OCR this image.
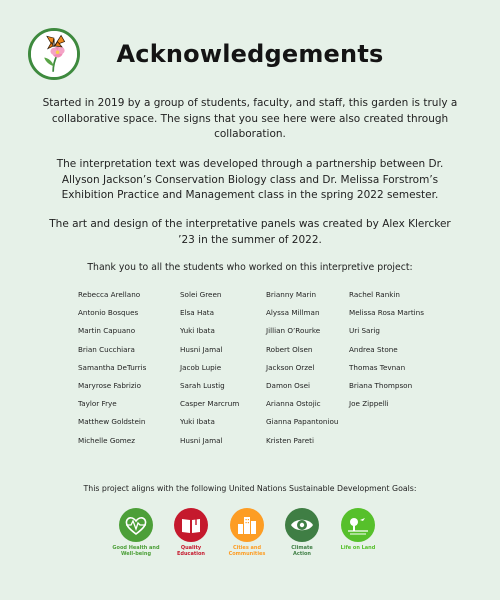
Acknowledgements
Started in 2019 by a group of students, faculty, and staff, this garden is truly a collaborative space. The signs that you see here were also created through collaboration.
The interpretation text was developed through a partnership between Dr. Allyson Jackson’s Conservation Biology class and Dr. Melissa Forstrom’s Exhibition Practice and Management class in the spring 2022 semester.
The art and design of the interpretative panels was created by Alex Klercker ’23 in the summer of 2022.
Thank you to all the students who worked on this interpretive project:
Rebecca Arellano
Antonio Bosques
Martin Capuano
Brian Cucchiara
Samantha DeTurris
Maryrose Fabrizio
Taylor Frye
Matthew Goldstein
Michelle Gomez
Solei Green
Elsa Hata
Yuki Ibata
Husni Jamal
Jacob Lupie
Sarah Lustig
Casper Marcrum
Yuki Ibata
Husni Jamal
Brianny Marin
Alyssa Millman
Jillian O’Rourke
Robert Olsen
Jackson Orzel
Damon Osei
Arianna Ostojic
Gianna Papantoniou
Kristen Pareti
Rachel Rankin
Melissa Rosa Martins
Uri Sarig
Andrea Stone
Thomas Tevnan
Briana Thompson
Joe Zippelli
This project aligns with the following United Nations Sustainable Development Goals:
Good Health and
Well-being
Quality
Education
Cities and
Communities
Climate
Action
Life on Land
